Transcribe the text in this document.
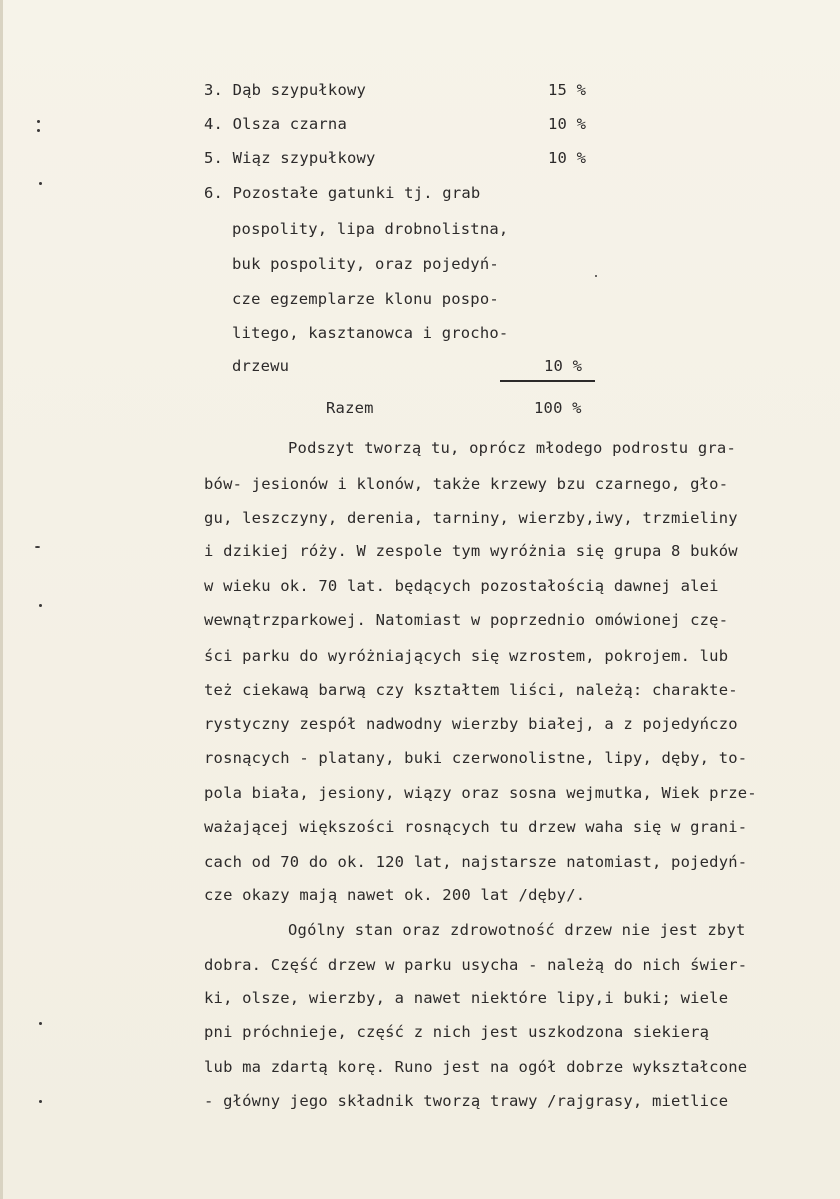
3. Dąb szypułkowy	15 %
4. Olsza czarna	10 %
5. Wiąz szypułkowy	10 %
6. Pozostałe gatunki tj. grab
pospolity, lipa drobnolistna,
buk pospolity, oraz pojedyń-
cze egzemplarze klonu pospo-
litego, kasztanowca i grocho-
drzewu	10 %
Razem	100 %
Podszyt tworzą tu, oprócz młodego podrostu gra-
bów- jesionów i klonów, także krzewy bzu czarnego, gło-
gu, leszczyny, derenia, tarniny, wierzby,iwy, trzmieliny
i dzikiej róży. W zespole tym wyróżnia się grupa 8 buków
w wieku ok. 70 lat. będących pozostałością dawnej alei
wewnątrzparkowej. Natomiast w poprzednio omówionej czę-
ści parku do wyróżniających się wzrostem, pokrojem. lub
też ciekawą barwą czy kształtem liści, należą: charakte-
rystyczny zespół nadwodny wierzby białej, a z pojedyńczo
rosnących - platany, buki czerwonolistne, lipy, dęby, to-
pola biała, jesiony, wiązy oraz sosna wejmutka, Wiek prze-
ważającej większości rosnących tu drzew waha się w grani-
cach od 70 do ok. 120 lat, najstarsze natomiast, pojedyń-
cze okazy mają nawet ok. 200 lat /dęby/.
Ogólny stan oraz zdrowotność drzew nie jest zbyt
dobra. Część drzew w parku usycha - należą do nich świer-
ki, olsze, wierzby, a nawet niektóre lipy,i buki; wiele
pni próchnieje, część z nich jest uszkodzona siekierą
lub ma zdartą korę. Runo jest na ogół dobrze wykształcone
- główny jego składnik tworzą trawy /rajgrasy, mietlice
